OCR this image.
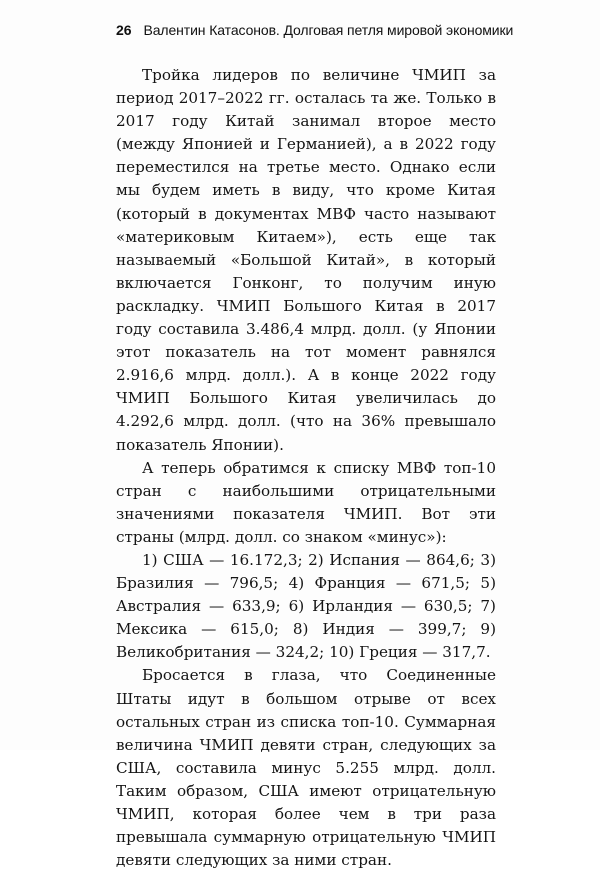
26 Валентин Катасонов. Долговая петля мировой экономики

Тройка лидеров по величине ЧМИП за период 2017–2022 гг. осталась та же. Только в 2017 году Китай занимал второе место (между Японией и Германией), а в 2022 году переместился на третье место. Однако если мы будем иметь в виду, что кроме Китая (который в документах МВФ часто называют «материковым Китаем»), есть еще так называемый «Большой Китай», в который включается Гонконг, то получим иную раскладку. ЧМИП Большого Китая в 2017 году составила 3.486,4 млрд. долл. (у Японии этот показатель на тот момент равнялся 2.916,6 млрд. долл.). А в конце 2022 году ЧМИП Большого Китая увеличилась до 4.292,6 млрд. долл. (что на 36% превышало показатель Японии).

А теперь обратимся к списку МВФ топ-10 стран с наибольшими отрицательными значениями показателя ЧМИП. Вот эти страны (млрд. долл. со знаком «минус»):

1) США — 16.172,3; 2) Испания — 864,6; 3) Бразилия — 796,5; 4) Франция — 671,5; 5) Австралия — 633,9; 6) Ирландия — 630,5; 7) Мексика — 615,0; 8) Индия — 399,7; 9) Великобритания — 324,2; 10) Греция — 317,7.

Бросается в глаза, что Соединенные Штаты идут в большом отрыве от всех остальных стран из списка топ-10. Суммарная величина ЧМИП девяти стран, следующих за США, составила минус 5.255 млрд. долл. Таким образом, США имеют отрицательную ЧМИП, которая более чем в три раза превышала суммарную отрицательную ЧМИП девяти следующих за ними стран.
